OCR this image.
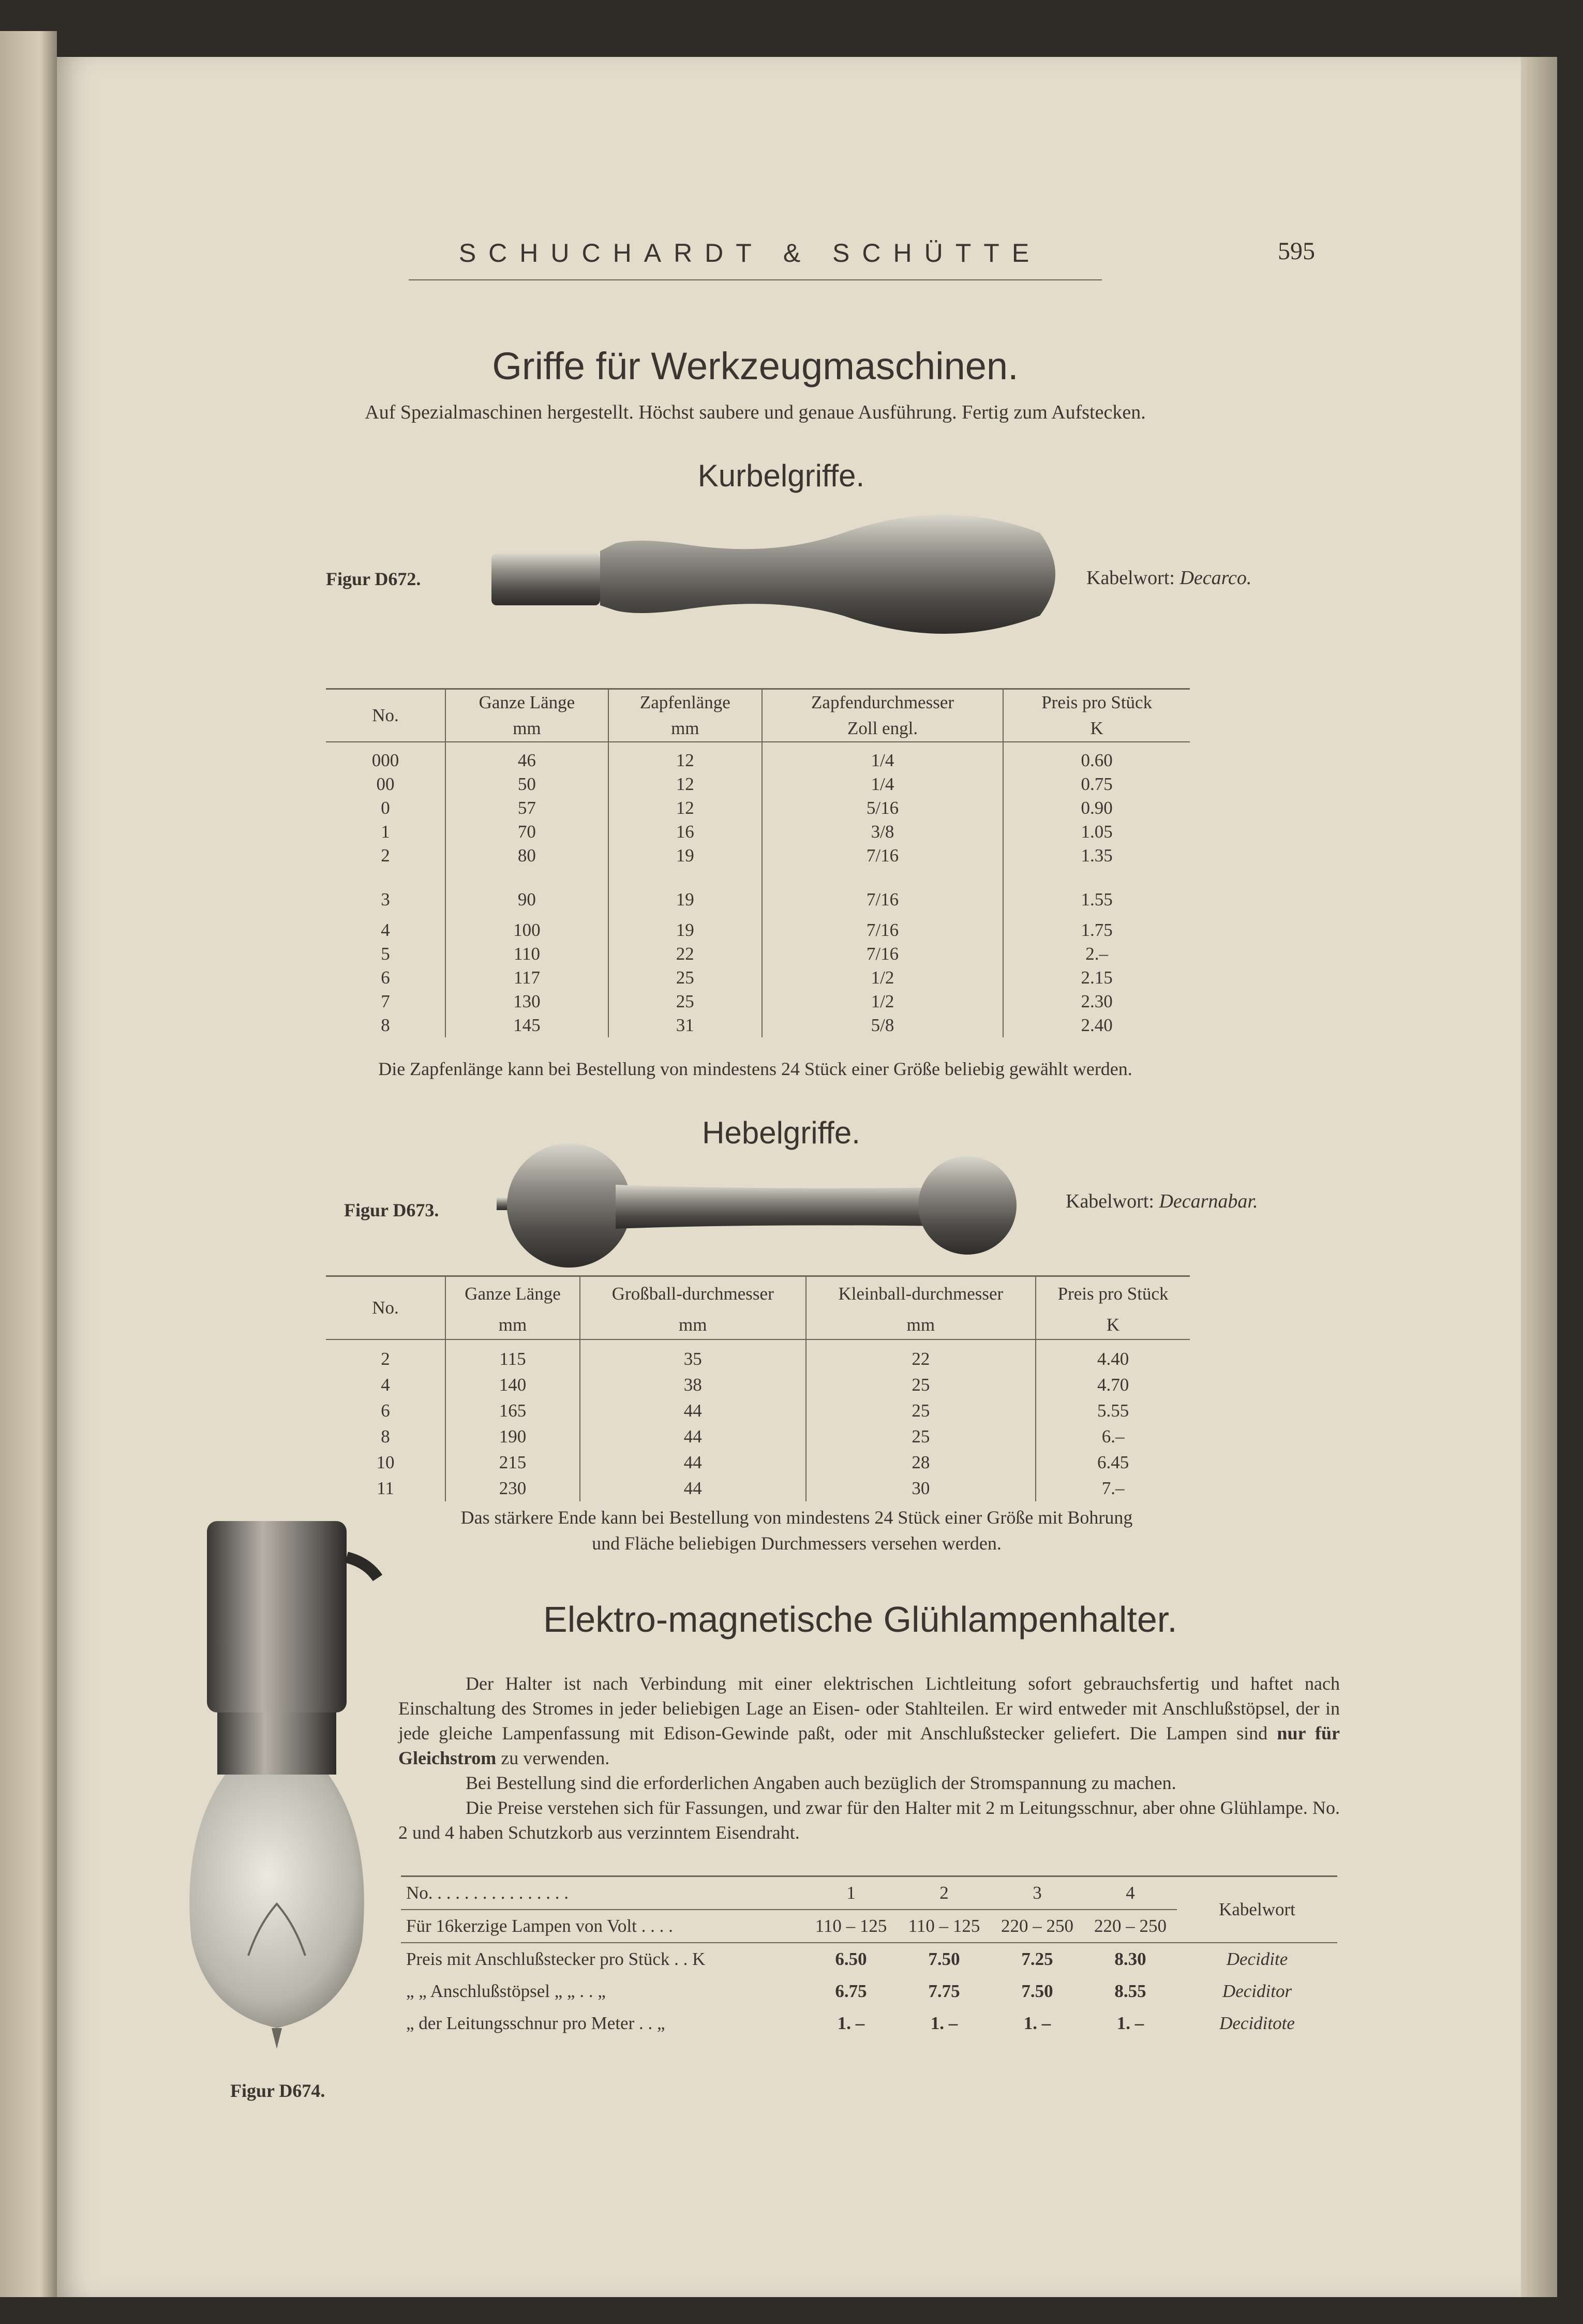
SCHUCHARDT & SCHÜTTE	595
Griffe für Werkzeugmaschinen.
Auf Spezialmaschinen hergestellt. Höchst saubere und genaue Ausführung. Fertig zum Aufstecken.
Kurbelgriffe.
Figur D672.	Kabelwort: Decarco.
No.	Ganze Länge	Zapfenlänge	Zapfendurchmesser	Preis pro Stück
	mm	mm	Zoll engl.	K
000	46	12	1/4	0.60
00	50	12	1/4	0.75
0	57	12	5/16	0.90
1	70	16	3/8	1.05
2	80	19	7/16	1.35
3	90	19	7/16	1.55
4	100	19	7/16	1.75
5	110	22	7/16	2.–
6	117	25	1/2	2.15
7	130	25	1/2	2.30
8	145	31	5/8	2.40
Die Zapfenlänge kann bei Bestellung von mindestens 24 Stück einer Größe beliebig gewählt werden.
Hebelgriffe.
Figur D673.	Kabelwort: Decarnabar.
No.	Ganze Länge	Großball-durchmesser	Kleinball-durchmesser	Preis pro Stück
	mm	mm	mm	K
2	115	35	22	4.40
4	140	38	25	4.70
6	165	44	25	5.55
8	190	44	25	6.–
10	215	44	28	6.45
11	230	44	30	7.–
Das stärkere Ende kann bei Bestellung von mindestens 24 Stück einer Größe mit Bohrung
und Fläche beliebigen Durchmessers versehen werden.
Figur D674.
Elektro-magnetische Glühlampenhalter.
Der Halter ist nach Verbindung mit einer elektrischen Lichtleitung sofort gebrauchsfertig und haftet nach Einschaltung des Stromes in jeder beliebigen Lage an Eisen- oder Stahlteilen. Er wird entweder mit Anschlußstöpsel, der in jede gleiche Lampenfassung mit Edison-Gewinde paßt, oder mit Anschlußstecker geliefert. Die Lampen sind nur für Gleichstrom zu verwenden.
Bei Bestellung sind die erforderlichen Angaben auch bezüglich der Stromspannung zu machen.
Die Preise verstehen sich für Fassungen, und zwar für den Halter mit 2 m Leitungsschnur, aber ohne Glühlampe. No. 2 und 4 haben Schutzkorb aus verzinntem Eisendraht.
No. . . . . . . . . . . . . . . .	1	2	3	4	Kabelwort
Für 16kerzige Lampen von Volt . . . .	110 – 125	110 – 125	220 – 250	220 – 250	
Preis mit Anschlußstecker pro Stück . . K	6.50	7.50	7.25	8.30	Decidite
„ „ Anschlußstöpsel „ „ . . „	6.75	7.75	7.50	8.55	Deciditor
„ der Leitungsschnur pro Meter . . „	1. –	1. –	1. –	1. –	Deciditote
